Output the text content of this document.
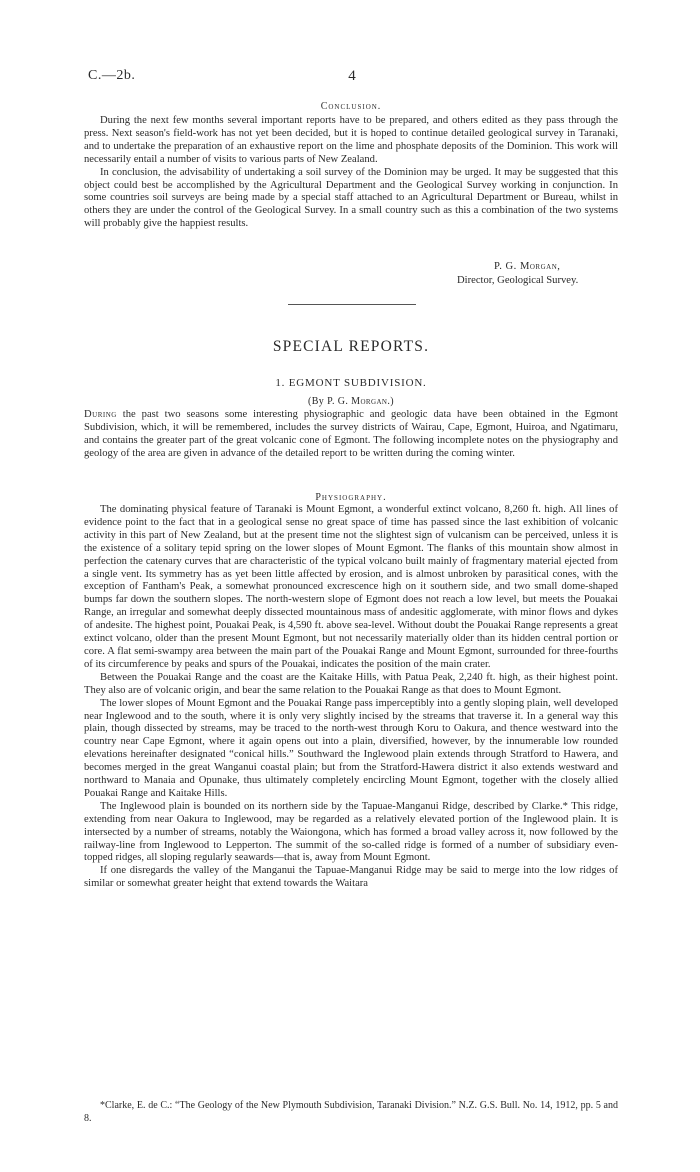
C.—2b.	4

Conclusion.

During the next few months several important reports have to be prepared, and others edited as they pass through the press. Next season's field-work has not yet been decided, but it is hoped to continue detailed geological survey in Taranaki, and to undertake the preparation of an exhaustive report on the lime and phosphate deposits of the Dominion. This work will necessarily entail a number of visits to various parts of New Zealand.

In conclusion, the advisability of undertaking a soil survey of the Dominion may be urged. It may be suggested that this object could best be accomplished by the Agricultural Department and the Geological Survey working in conjunction. In some countries soil surveys are being made by a special staff attached to an Agricultural Department or Bureau, whilst in others they are under the control of the Geological Survey. In a small country such as this a combination of the two systems will probably give the happiest results.

P. G. Morgan,
Director, Geological Survey.
SPECIAL REPORTS.
1. EGMONT SUBDIVISION.
(By P. G. Morgan.)

During the past two seasons some interesting physiographic and geologic data have been obtained in the Egmont Subdivision, which, it will be remembered, includes the survey districts of Wairau, Cape, Egmont, Huiroa, and Ngatimaru, and contains the greater part of the great volcanic cone of Egmont. The following incomplete notes on the physiography and geology of the area are given in advance of the detailed report to be written during the coming winter.

Physiography.

The dominating physical feature of Taranaki is Mount Egmont, a wonderful extinct volcano, 8,260 ft. high. All lines of evidence point to the fact that in a geological sense no great space of time has passed since the last exhibition of volcanic activity in this part of New Zealand, but at the present time not the slightest sign of vulcanism can be perceived, unless it is the existence of a solitary tepid spring on the lower slopes of Mount Egmont. The flanks of this mountain show almost in perfection the catenary curves that are characteristic of the typical volcano built mainly of fragmentary material ejected from a single vent. Its symmetry has as yet been little affected by erosion, and is almost unbroken by parasitical cones, with the exception of Fantham's Peak, a somewhat pronounced excrescence high on it southern side, and two small dome-shaped bumps far down the southern slopes. The north-western slope of Egmont does not reach a low level, but meets the Pouakai Range, an irregular and somewhat deeply dissected mountainous mass of andesitic agglomerate, with minor flows and dykes of andesite. The highest point, Pouakai Peak, is 4,590 ft. above sea-level. Without doubt the Pouakai Range represents a great extinct volcano, older than the present Mount Egmont, but not necessarily materially older than its hidden central portion or core. A flat semi-swampy area between the main part of the Pouakai Range and Mount Egmont, surrounded for three-fourths of its circumference by peaks and spurs of the Pouakai, indicates the position of the main crater.

Between the Pouakai Range and the coast are the Kaitake Hills, with Patua Peak, 2,240 ft. high, as their highest point. They also are of volcanic origin, and bear the same relation to the Pouakai Range as that does to Mount Egmont.

The lower slopes of Mount Egmont and the Pouakai Range pass imperceptibly into a gently sloping plain, well developed near Inglewood and to the south, where it is only very slightly incised by the streams that traverse it. In a general way this plain, though dissected by streams, may be traced to the north-west through Koru to Oakura, and thence westward into the country near Cape Egmont, where it again opens out into a plain, diversified, however, by the innumerable low rounded elevations hereinafter designated “conical hills.” Southward the Inglewood plain extends through Stratford to Hawera, and becomes merged in the great Wanganui coastal plain; but from the Stratford-Hawera district it also extends westward and northward to Manaia and Opunake, thus ultimately completely encircling Mount Egmont, together with the closely allied Pouakai Range and Kaitake Hills.

The Inglewood plain is bounded on its northern side by the Tapuae-Manganui Ridge, described by Clarke.* This ridge, extending from near Oakura to Inglewood, may be regarded as a relatively elevated portion of the Inglewood plain. It is intersected by a number of streams, notably the Waiongona, which has formed a broad valley across it, now followed by the railway-line from Inglewood to Lepperton. The summit of the so-called ridge is formed of a number of subsidiary even-topped ridges, all sloping regularly seawards—that is, away from Mount Egmont.

If one disregards the valley of the Manganui the Tapuae-Manganui Ridge may be said to merge into the low ridges of similar or somewhat greater height that extend towards the Waitara

*Clarke, E. de C.: “The Geology of the New Plymouth Subdivision, Taranaki Division.” N.Z. G.S. Bull. No. 14, 1912, pp. 5 and 8.
